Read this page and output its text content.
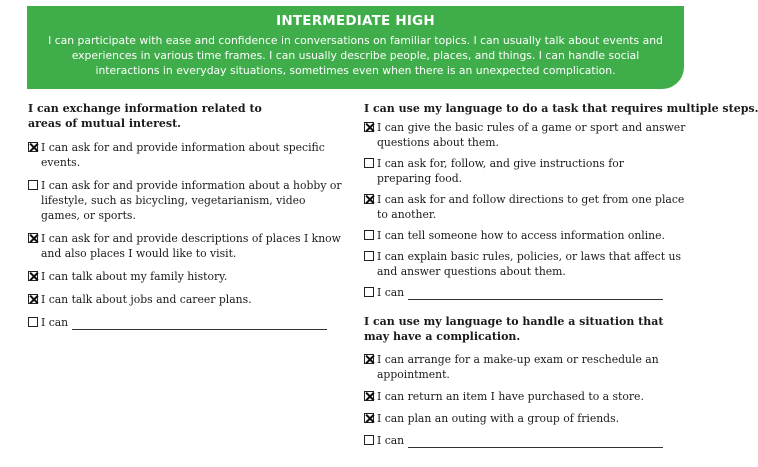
INTERMEDIATE HIGH
I can participate with ease and confidence in conversations on familiar topics. I can usually talk about events and experiences in various time frames. I can usually describe people, places, and things. I can handle social interactions in everyday situations, sometimes even when there is an unexpected complication.
I can exchange information related to areas of mutual interest.
I can ask for and provide information about specific events.
I can ask for and provide information about a hobby or lifestyle, such as bicycling, vegetarianism, video games, or sports.
I can ask for and provide descriptions of places I know and also places I would like to visit.
I can talk about my family history.
I can talk about jobs and career plans.
I can
I can use my language to do a task that requires multiple steps.
I can give the basic rules of a game or sport and answer questions about them.
I can ask for, follow, and give instructions for preparing food.
I can ask for and follow directions to get from one place to another.
I can tell someone how to access information online.
I can explain basic rules, policies, or laws that affect us and answer questions about them.
I can
I can use my language to handle a situation that may have a complication.
I can arrange for a make-up exam or reschedule an appointment.
I can return an item I have purchased to a store.
I can plan an outing with a group of friends.
I can
